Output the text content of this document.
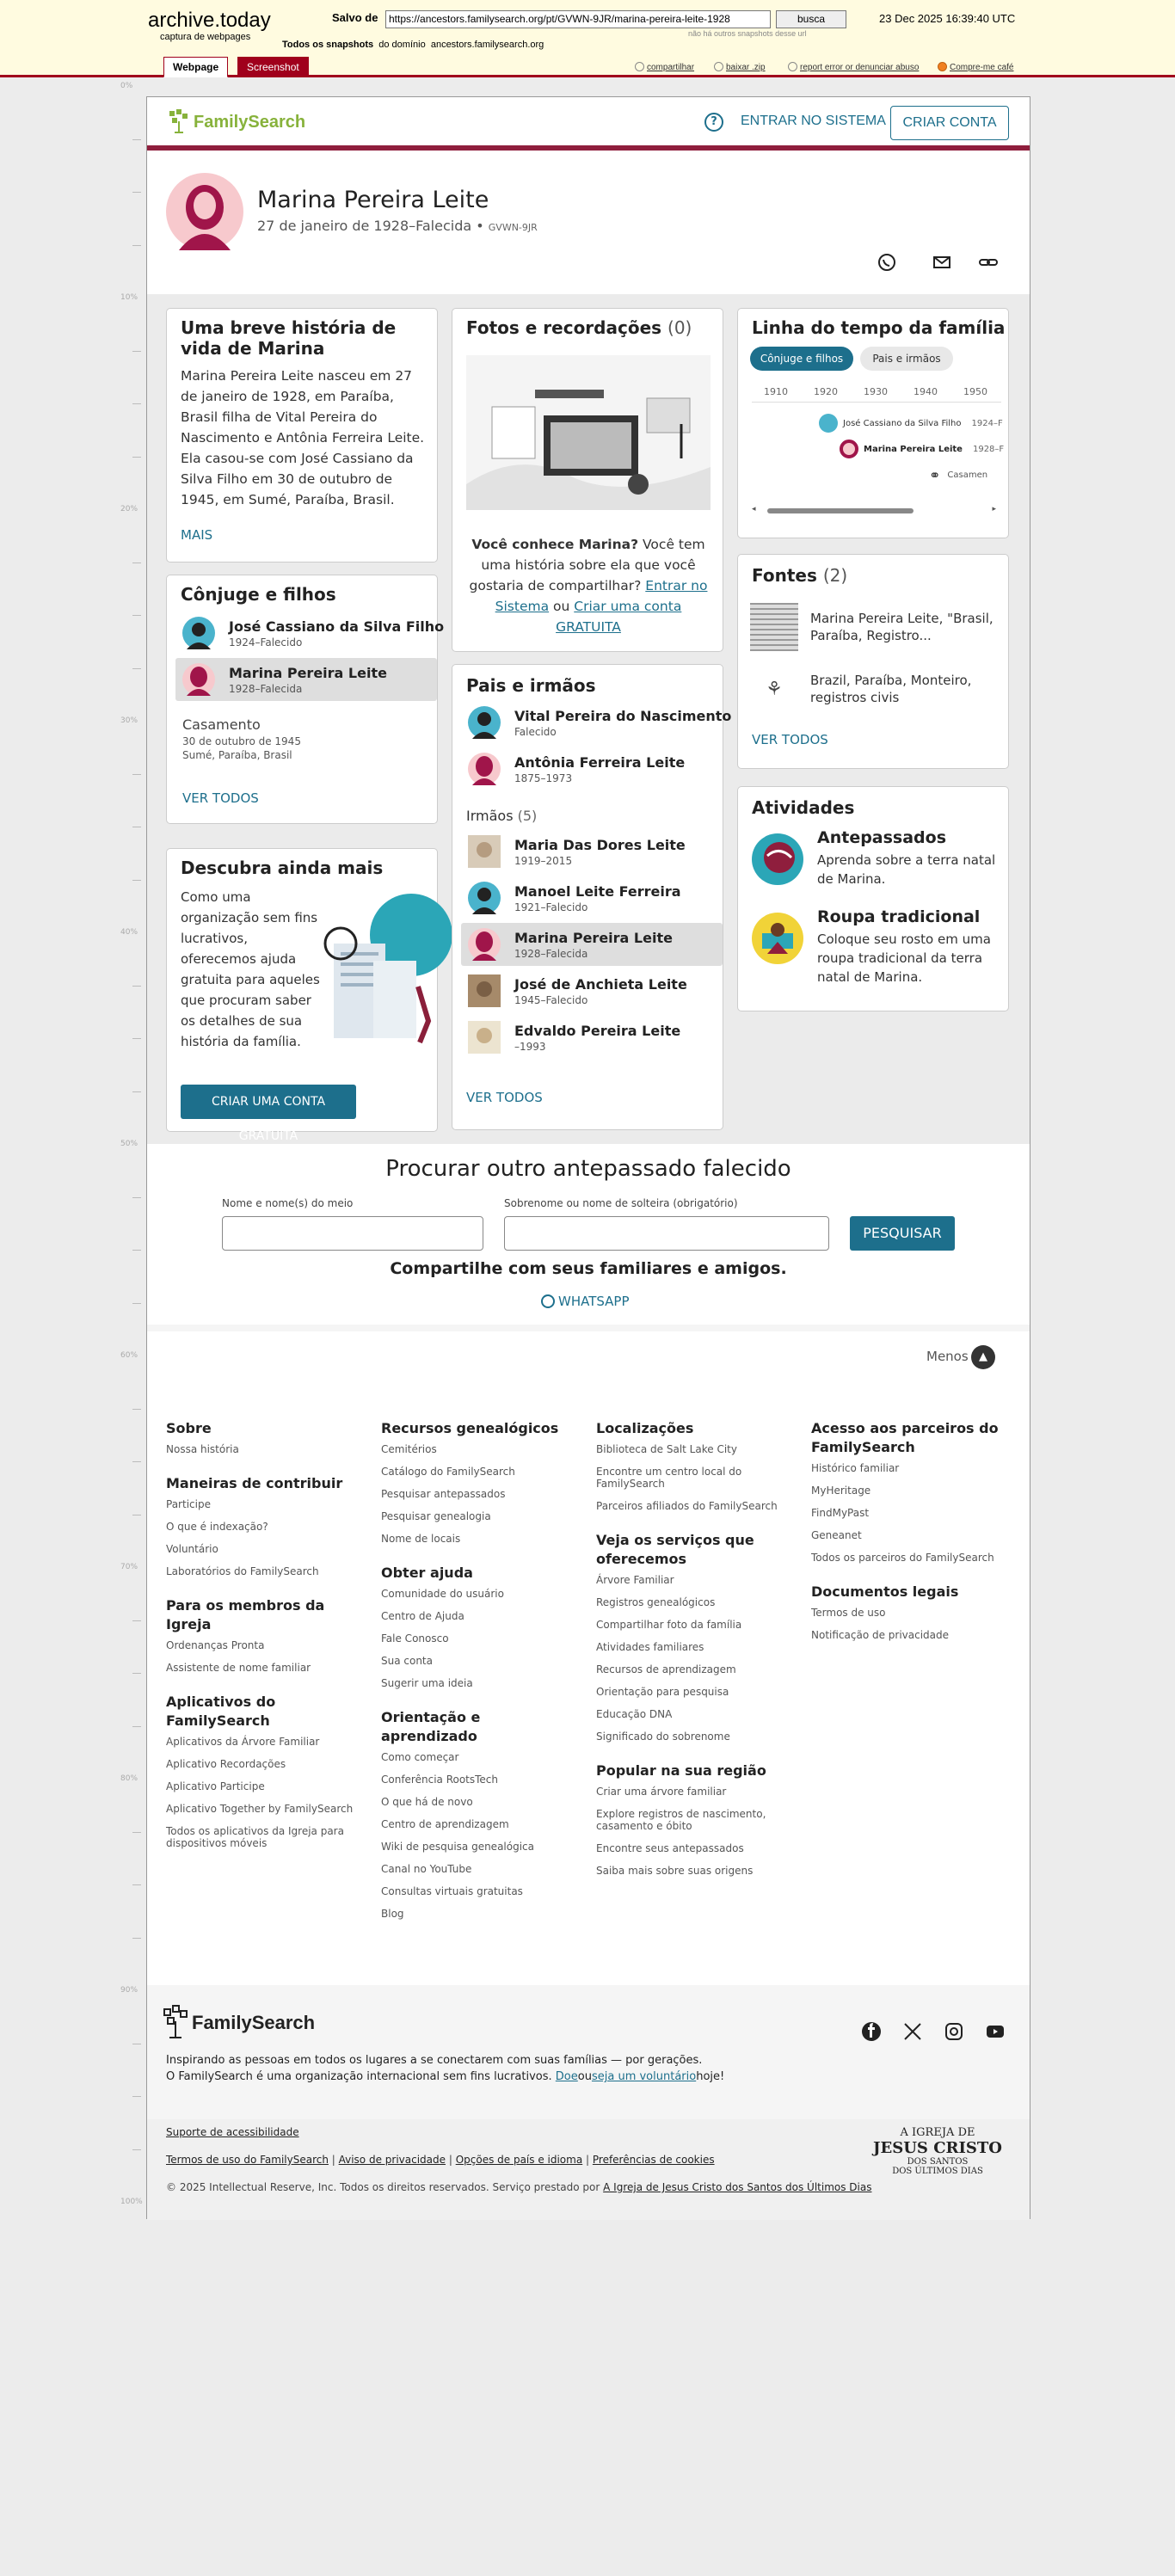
archive.today
captura de webpages
Salvo de	https://ancestors.familysearch.org/pt/GVWN-9JR/marina-pereira-leite-1928	busca
não há outros snapshots desse url
23 Dec 2025 16:39:40 UTC
Todos os snapshots do domínio ancestors.familysearch.org
Webpage	Screenshot	compartilhar	baixar .zip	report error or denunciar abuso	Compre-me café
0%
10%
20%
30%
40%
50%
60%
70%
80%
90%
100%
FamilySearch	?	ENTRAR NO SISTEMA	CRIAR CONTA
Marina Pereira Leite
27 de janeiro de 1928–Falecida • GVWN-9JR
Uma breve história de vida de Marina

Marina Pereira Leite nasceu em 27 de janeiro de 1928, em Paraíba, Brasil filha de Vital Pereira do Nascimento e Antônia Ferreira Leite. Ela casou-se com José Cassiano da Silva Filho em 30 de outubro de 1945, em Sumé, Paraíba, Brasil.

MAIS
Cônjuge e filhos
José Cassiano da Silva Filho
1924–Falecido
Marina Pereira Leite
1928–Falecida
Casamento
30 de outubro de 1945
Sumé, Paraíba, Brasil
VER TODOS
Descubra ainda mais

Como uma organização sem fins lucrativos, oferecemos ajuda gratuita para aqueles que procuram saber os detalhes de sua história da família.

CRIAR UMA CONTA GRATUITA
Fotos e recordações (0)

Você conhece Marina? Você tem uma história sobre ela que você gostaria de compartilhar? Entrar no Sistema ou Criar uma conta GRATUITA

Pais e irmãos
Vital Pereira do Nascimento
Falecido
Antônia Ferreira Leite
1875–1973
Irmãos (5)
Maria Das Dores Leite
1919–2015
Manoel Leite Ferreira
1921–Falecido
Marina Pereira Leite
1928–Falecida
José de Anchieta Leite
1945–Falecido
Edvaldo Pereira Leite
–1993
VER TODOS
Linha do tempo da família
Cônjuge e filhos	Pais e irmãos
1910	1920	1930	1940	1950
José Cassiano da Silva Filho 1924–F
Marina Pereira Leite 1928–F
⚭ Casamen
◂	▸
Fontes (2)
Marina Pereira Leite, "Brasil, Paraíba, Registro...
⚘	Brazil, Paraíba, Monteiro, registros civis
VER TODOS
Atividades
Antepassados
Aprenda sobre a terra natal de Marina.
Roupa tradicional
Coloque seu rosto em uma roupa tradicional da terra natal de Marina.
Procurar outro antepassado falecido
Nome e nome(s) do meio	Sobrenome ou nome de solteira (obrigatório)
PESQUISAR
Compartilhe com seus familiares e amigos.
WHATSAPP
Menos ▲
Sobre
Nossa história
Maneiras de contribuir
Participe
O que é indexação?
Voluntário
Laboratórios do FamilySearch
Para os membros da Igreja
Ordenanças Pronta
Assistente de nome familiar
Aplicativos do FamilySearch
Aplicativos da Árvore Familiar
Aplicativo Recordações
Aplicativo Participe
Aplicativo Together by FamilySearch
Todos os aplicativos da Igreja para dispositivos móveis
Recursos genealógicos
Cemitérios
Catálogo do FamilySearch
Pesquisar antepassados
Pesquisar genealogia
Nome de locais
Obter ajuda
Comunidade do usuário
Centro de Ajuda
Fale Conosco
Sua conta
Sugerir uma ideia
Orientação e aprendizado
Como começar
Conferência RootsTech
O que há de novo
Centro de aprendizagem
Wiki de pesquisa genealógica
Canal no YouTube
Consultas virtuais gratuitas
Blog
Localizações
Biblioteca de Salt Lake City
Encontre um centro local do FamilySearch
Parceiros afiliados do FamilySearch
Veja os serviços que oferecemos
Árvore Familiar
Registros genealógicos
Compartilhar foto da família
Atividades familiares
Recursos de aprendizagem
Orientação para pesquisa
Educação DNA
Significado do sobrenome
Popular na sua região
Criar uma árvore familiar
Explore registros de nascimento, casamento e óbito
Encontre seus antepassados
Saiba mais sobre suas origens
Acesso aos parceiros do FamilySearch
Histórico familiar
MyHeritage
FindMyPast
Geneanet
Todos os parceiros do FamilySearch
Documentos legais
Termos de uso
Notificação de privacidade
FamilySearch
Inspirando as pessoas em todos os lugares a se conectarem com suas famílias — por gerações.
O FamilySearch é uma organização internacional sem fins lucrativos. Doeouseja um voluntáriohoje!
Suporte de acessibilidade
Termos de uso do FamilySearch | Aviso de privacidade | Opções de país e idioma | Preferências de cookies
© 2025 Intellectual Reserve, Inc. Todos os direitos reservados. Serviço prestado por A Igreja de Jesus Cristo dos Santos dos Últimos Dias
A IGREJA DE
JESUS CRISTO
DOS SANTOS
DOS ÚLTIMOS DIAS
